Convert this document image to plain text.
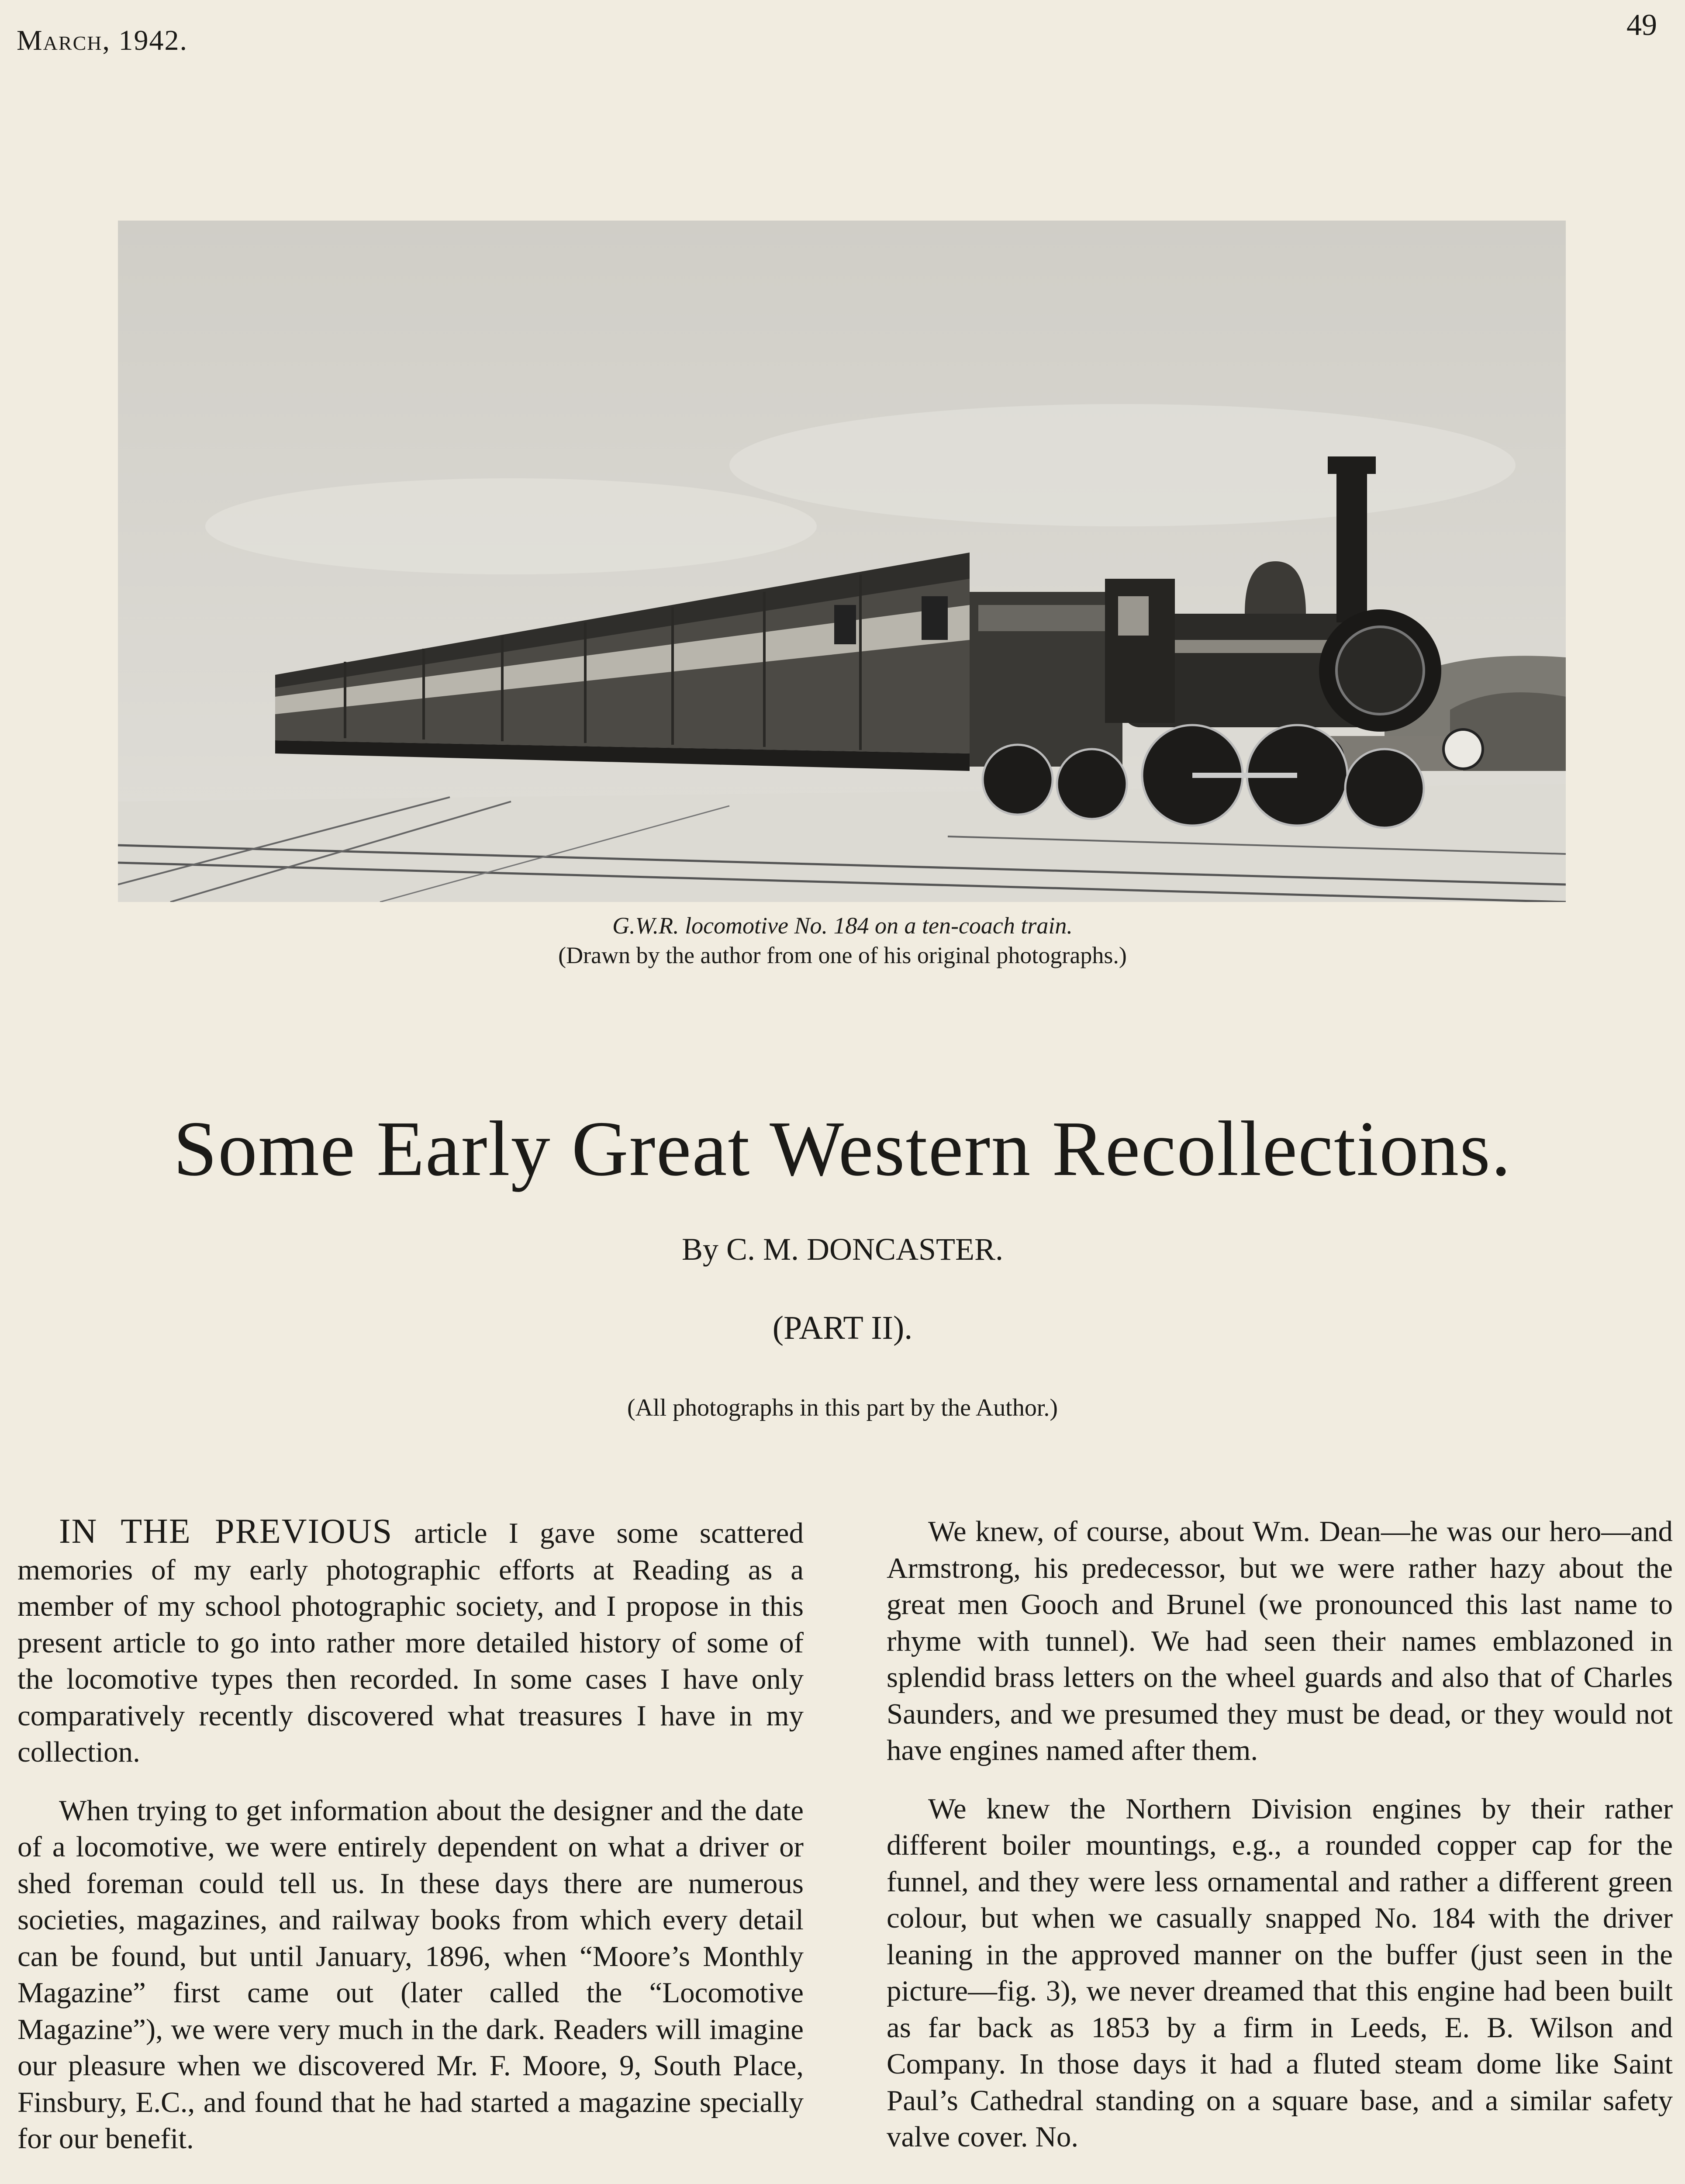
March, 1942.	49
G.W.R. locomotive No. 184 on a ten-coach train.
(Drawn by the author from one of his original photographs.)
Some Early Great Western Recollections.
By C. M. DONCASTER.
(PART II).
(All photographs in this part by the Author.)

IN THE PREVIOUS article I gave some scattered memories of my early photographic efforts at Reading as a member of my school photographic society, and I propose in this present article to go into rather more detailed history of some of the locomotive types then recorded. In some cases I have only comparatively recently discovered what treasures I have in my collection.

When trying to get information about the designer and the date of a locomotive, we were entirely dependent on what a driver or shed foreman could tell us. In these days there are numerous societies, magazines, and railway books from which every detail can be found, but until January, 1896, when “Moore’s Monthly Magazine” first came out (later called the “Locomotive Magazine”), we were very much in the dark. Readers will imagine our pleasure when we discovered Mr. F. Moore, 9, South Place, Finsbury, E.C., and found that he had started a magazine specially for our benefit.

We knew, of course, about Wm. Dean—he was our hero—and Armstrong, his predecessor, but we were rather hazy about the great men Gooch and Brunel (we pronounced this last name to rhyme with tunnel). We had seen their names emblazoned in splendid brass letters on the wheel guards and also that of Charles Saunders, and we presumed they must be dead, or they would not have engines named after them.

We knew the Northern Division engines by their rather different boiler mountings, e.g., a rounded copper cap for the funnel, and they were less ornamental and rather a different green colour, but when we casually snapped No. 184 with the driver leaning in the approved manner on the buffer (just seen in the picture—fig. 3), we never dreamed that this engine had been built as far back as 1853 by a firm in Leeds, E. B. Wilson and Company. In those days it had a fluted steam dome like Saint Paul’s Cathedral standing on a square base, and a similar safety valve cover. No.
